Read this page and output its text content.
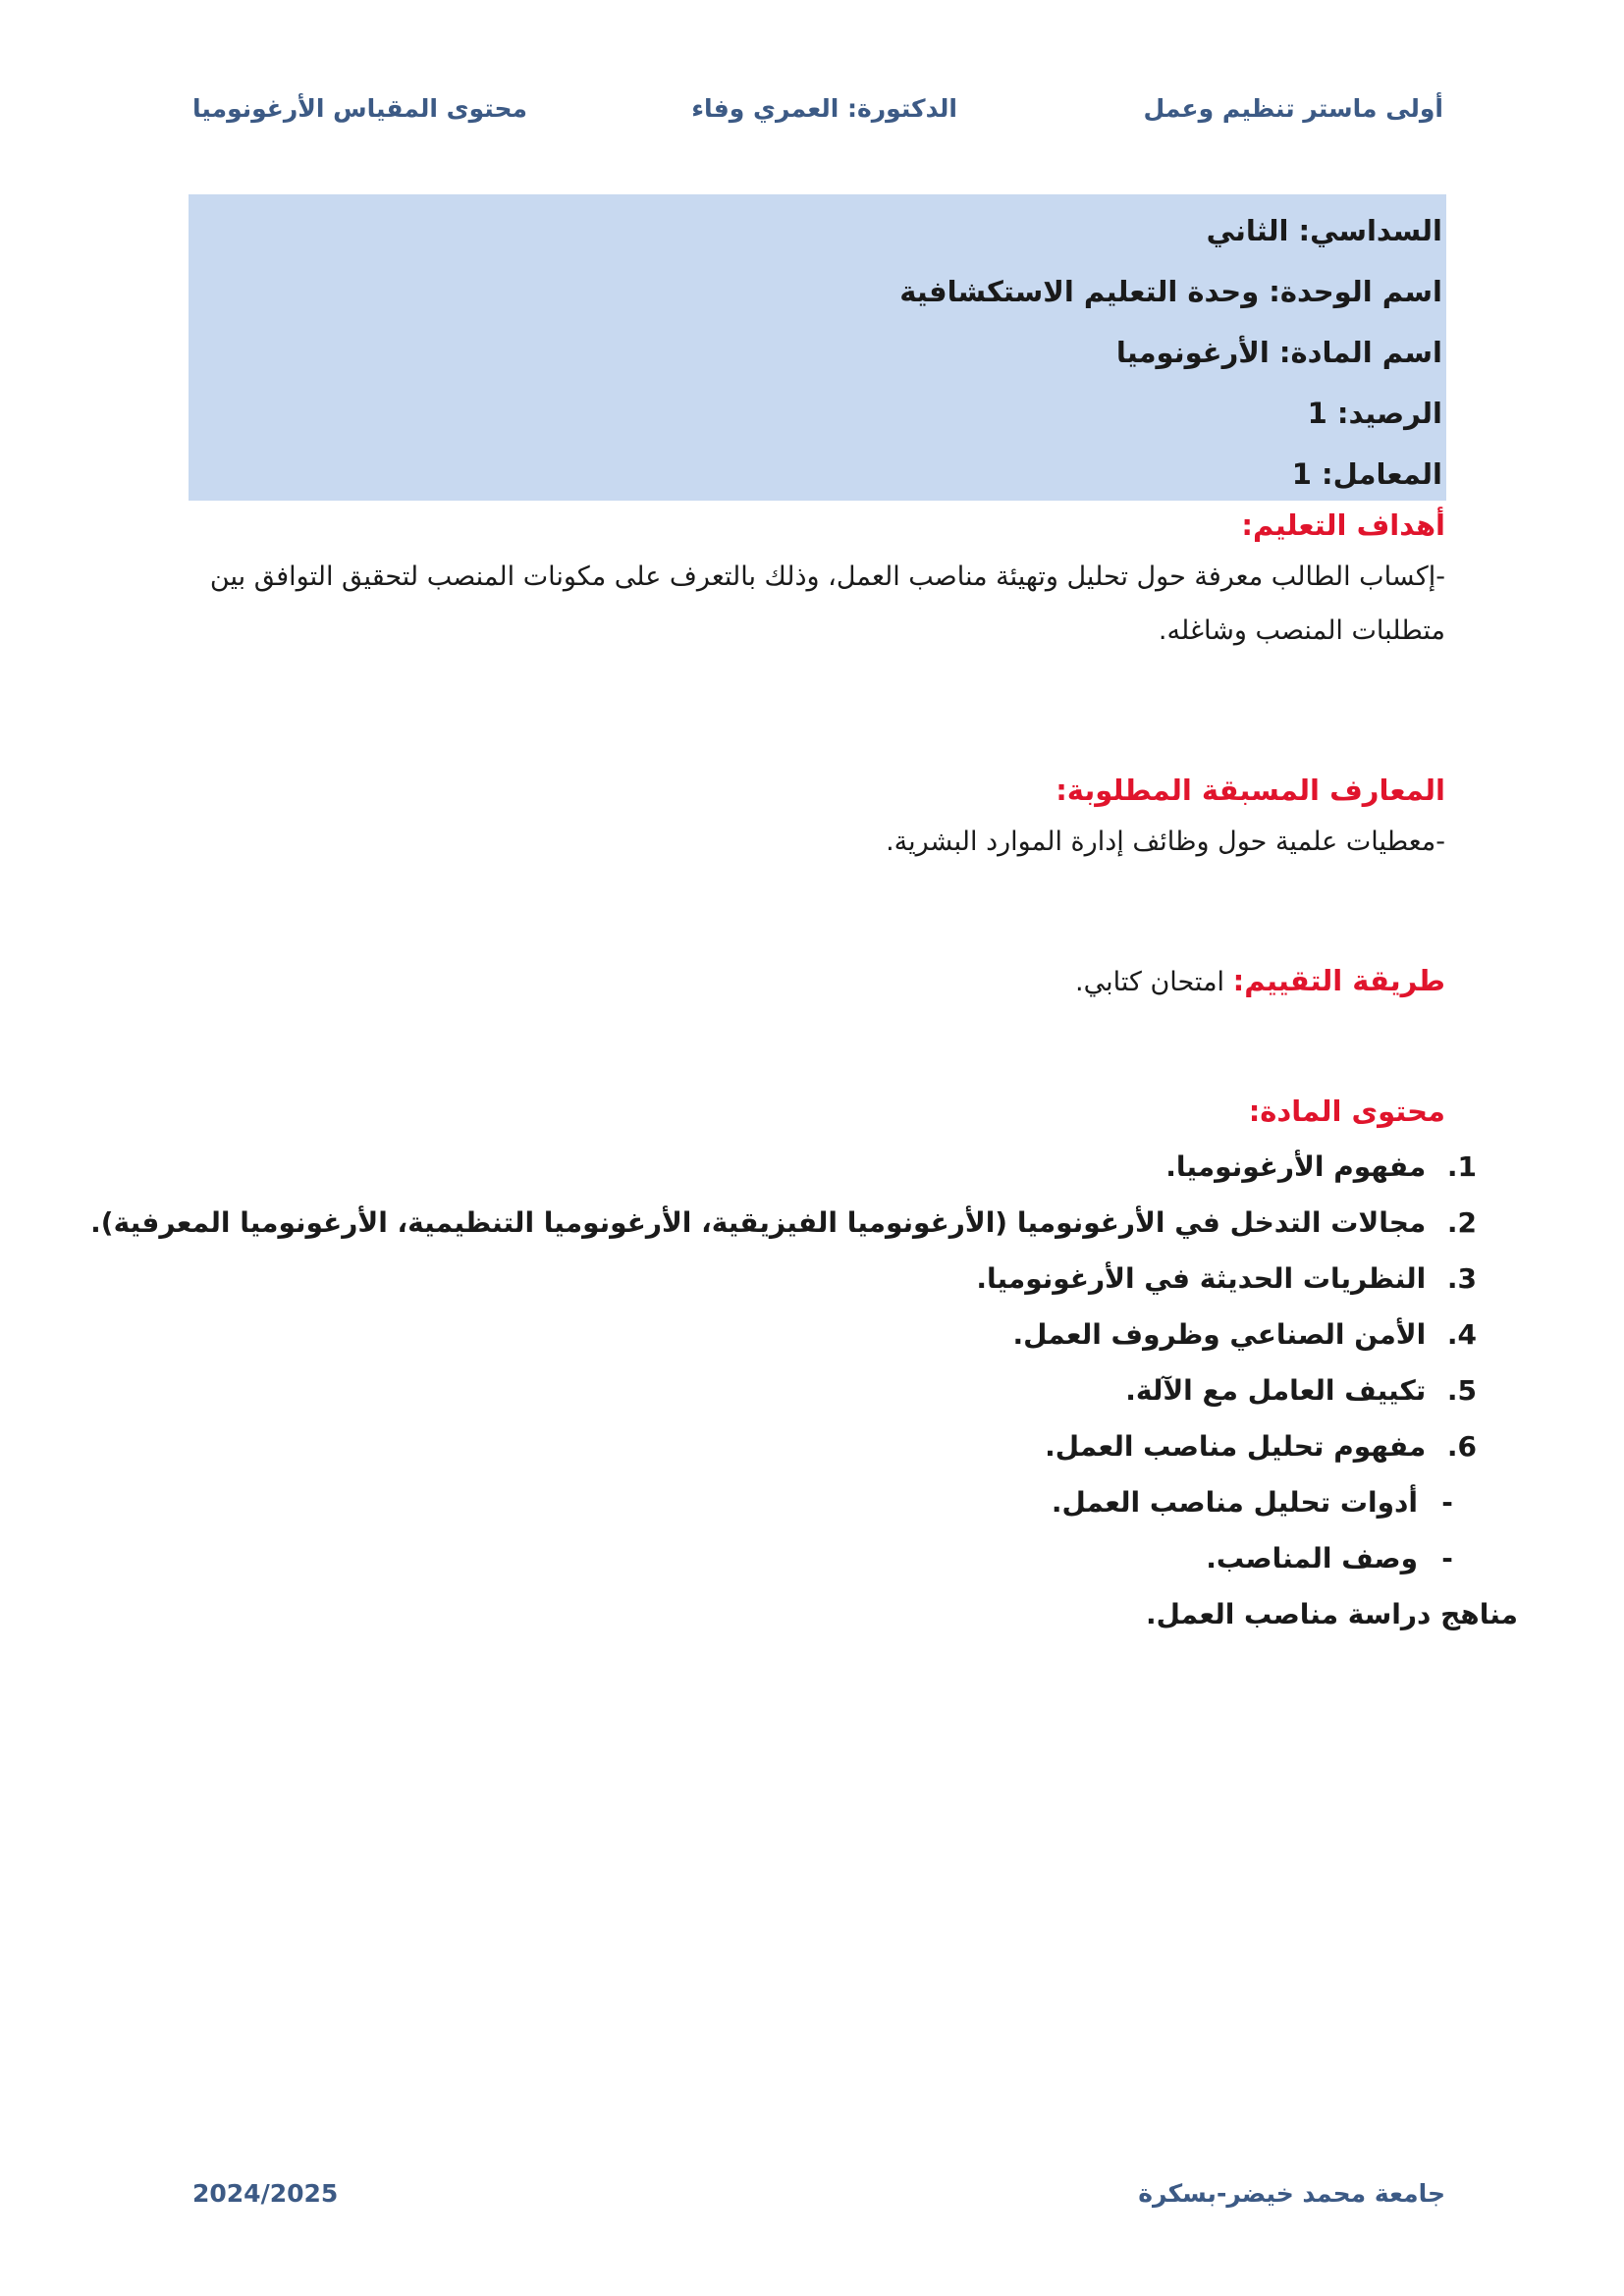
أولى ماستر تنظيم وعمل
الدكتورة: العمري وفاء
محتوى المقياس الأرغونوميا
السداسي: الثاني
اسم الوحدة: وحدة التعليم الاستكشافية
اسم المادة: الأرغونوميا
الرصيد: 1
المعامل: 1
أهداف التعليم:
-إكساب الطالب معرفة حول تحليل وتهيئة مناصب العمل، وذلك بالتعرف على مكونات المنصب لتحقيق التوافق بين متطلبات المنصب وشاغله.
المعارف المسبقة المطلوبة:
-معطيات علمية حول وظائف إدارة الموارد البشرية.
طريقة التقييم: امتحان كتابي.
محتوى المادة:
1. مفهوم الأرغونوميا.
2. مجالات التدخل في الأرغونوميا (الأرغونوميا الفيزيقية، الأرغونوميا التنظيمية، الأرغونوميا المعرفية).
3. النظريات الحديثة في الأرغونوميا.
4. الأمن الصناعي وظروف العمل.
5. تكييف العامل مع الآلة.
6. مفهوم تحليل مناصب العمل.
-أدوات تحليل مناصب العمل.
-وصف المناصب.
مناهج دراسة مناصب العمل.
جامعة محمد خيضر-بسكرة
2024/2025
